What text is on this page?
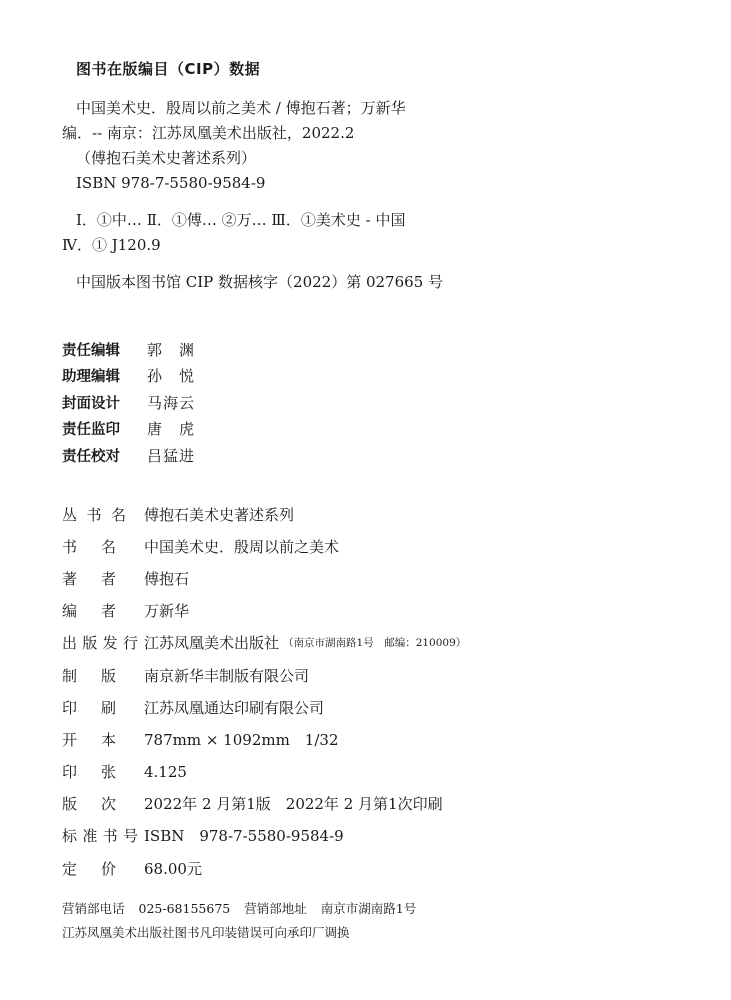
图书在版编目（CIP）数据
中国美术史．殷周以前之美术 / 傅抱石著；万新华
编．-- 南京：江苏凤凰美术出版社，2022.2
（傅抱石美术史著述系列）
ISBN 978-7-5580-9584-9
Ⅰ．①中… Ⅱ．①傅… ②万… Ⅲ．①美术史 - 中国
Ⅳ．① J120.9
中国版本图书馆 CIP 数据核字（2022）第 027665 号
责任编辑	郭　渊
助理编辑	孙　悦
封面设计	马海云
责任监印	唐　虎
责任校对	吕猛进
丛 书 名 傅抱石美术史著述系列
书 名 中国美术史．殷周以前之美术
著 者 傅抱石
编 者 万新华
出 版 发 行 江苏凤凰美术出版社 （南京市湖南路1号　邮编：210009）
制 版 南京新华丰制版有限公司
印 刷 江苏凤凰通达印刷有限公司
开 本 787mm × 1092mm　1/32
印 张 4.125
版 次 2022年 2 月第1版　2022年 2 月第1次印刷
标 准 书 号 ISBN　978-7-5580-9584-9
定 价 68.00元
营销部电话 025-68155675 营销部地址 南京市湖南路1号
江苏凤凰美术出版社图书凡印装错误可向承印厂调换
